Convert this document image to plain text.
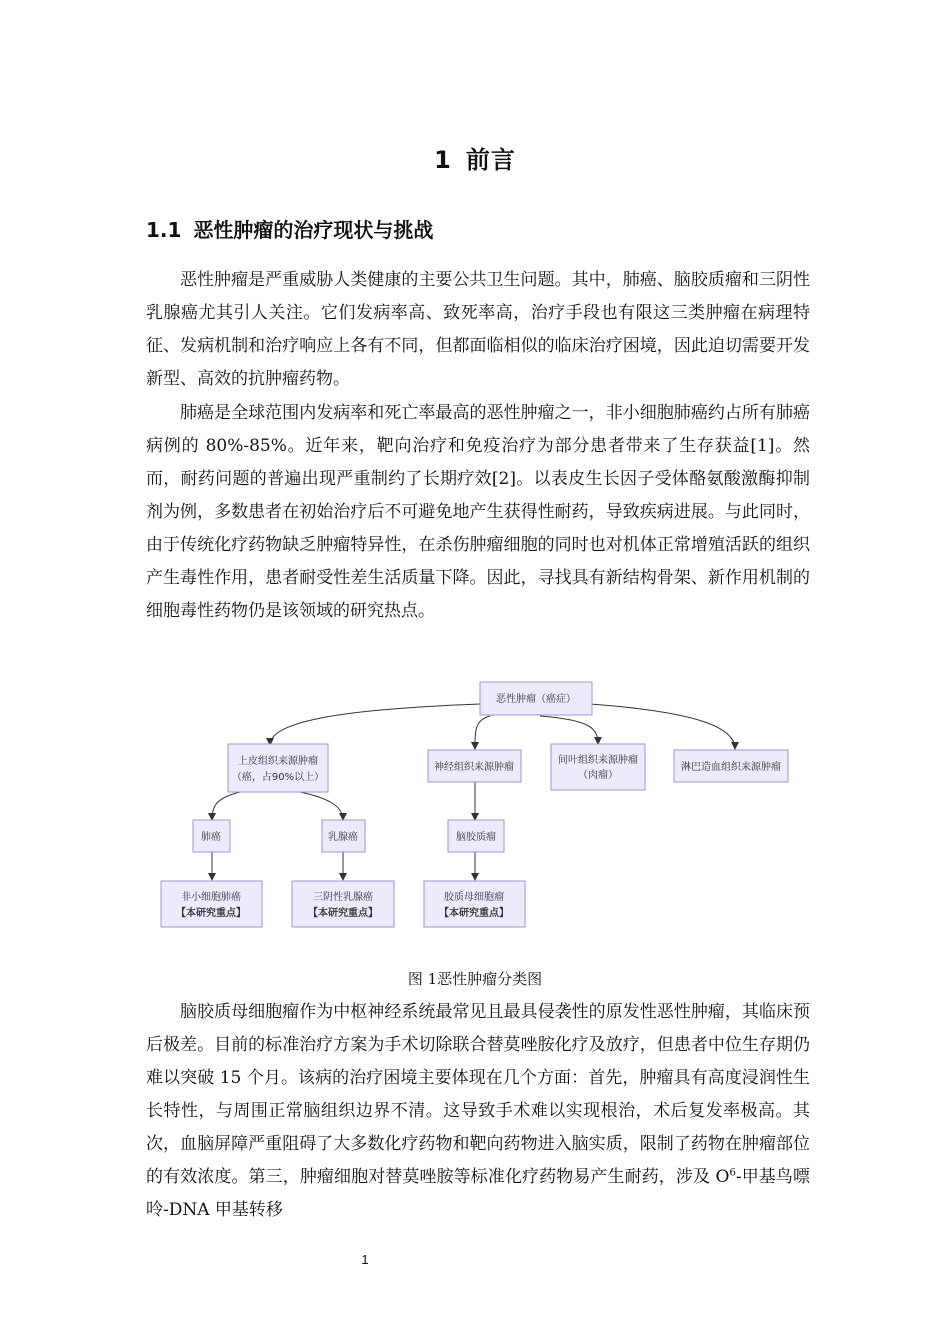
1 前言
1.1 恶性肿瘤的治疗现状与挑战

恶性肿瘤是严重威胁人类健康的主要公共卫生问题。其中，肺癌、脑胶质瘤和三阴性乳腺癌尤其引人关注。它们发病率高、致死率高，治疗手段也有限这三类肿瘤在病理特征、发病机制和治疗响应上各有不同，但都面临相似的临床治疗困境，因此迫切需要开发新型、高效的抗肿瘤药物。

肺癌是全球范围内发病率和死亡率最高的恶性肿瘤之一，非小细胞肺癌约占所有肺癌病例的 80%-85%。近年来，靶向治疗和免疫治疗为部分患者带来了生存获益[1]。然而，耐药问题的普遍出现严重制约了长期疗效[2]。以表皮生长因子受体酪氨酸激酶抑制剂为例，多数患者在初始治疗后不可避免地产生获得性耐药，导致疾病进展。与此同时，由于传统化疗药物缺乏肿瘤特异性，在杀伤肿瘤细胞的同时也对机体正常增殖活跃的组织产生毒性作用，患者耐受性差生活质量下降。因此，寻找具有新结构骨架、新作用机制的细胞毒性药物仍是该领域的研究热点。

恶性肿瘤（癌症）
上皮组织来源肿瘤
（癌，占90%以上）
神经组织来源肿瘤
间叶组织来源肿瘤
（肉瘤）
淋巴造血组织来源肿瘤
肺癌	乳腺癌	脑胶质瘤
非小细胞肺癌
【本研究重点】
三阴性乳腺癌
【本研究重点】
胶质母细胞瘤
【本研究重点】
图 1恶性肿瘤分类图

脑胶质母细胞瘤作为中枢神经系统最常见且最具侵袭性的原发性恶性肿瘤，其临床预后极差。目前的标准治疗方案为手术切除联合替莫唑胺化疗及放疗，但患者中位生存期仍难以突破 15 个月。该病的治疗困境主要体现在几个方面：首先，肿瘤具有高度浸润性生长特性，与周围正常脑组织边界不清。这导致手术难以实现根治，术后复发率极高。其次，血脑屏障严重阻碍了大多数化疗药物和靶向药物进入脑实质，限制了药物在肿瘤部位的有效浓度。第三，肿瘤细胞对替莫唑胺等标准化疗药物易产生耐药，涉及 $O^6-$甲基鸟嘌呤-DNA 甲基转移

1
